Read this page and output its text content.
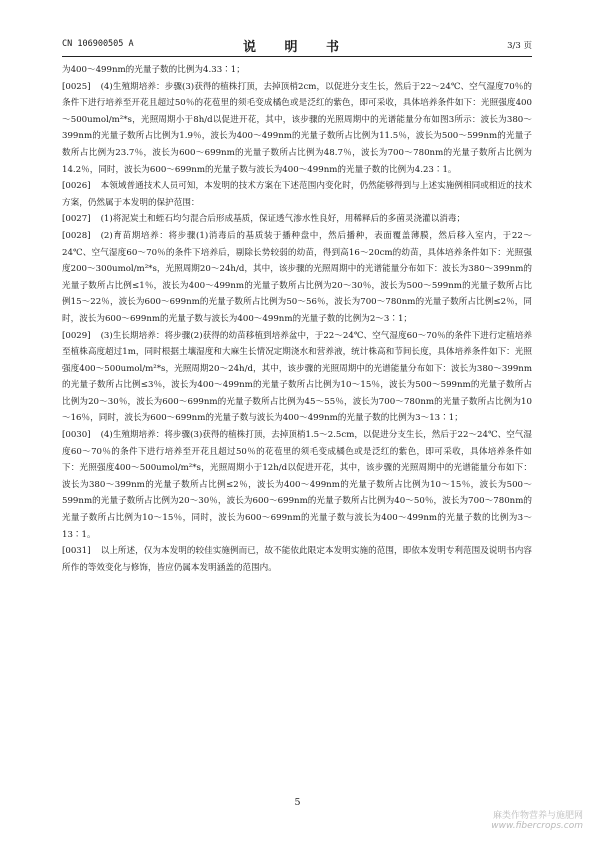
CN 106900505 A	说 明 书	3/3 页

为400～499nm的光量子数的比例为4.33∶1；

[0025] (4)生殖期培养：步骤(3)获得的植株打顶，去掉顶梢2cm，以促进分支生长，然后于22～24℃、空气湿度70％的条件下进行培养至开花且超过50％的花苞里的须毛变成橘色或是泛红的紫色，即可采收，具体培养条件如下：光照强度400～500umol/m²*s，光照周期小于8h/d以促进开花，其中，该步骤的光照周期中的光谱能量分布如图3所示：波长为380～399nm的光量子数所占比例为1.9％，波长为400～499nm的光量子数所占比例为11.5％，波长为500～599nm的光量子数所占比例为23.7％，波长为600～699nm的光量子数所占比例为48.7％，波长为700～780nm的光量子数所占比例为14.2％，同时，波长为600～699nm的光量子数与波长为400～499nm的光量子数的比例为4.23∶1。

[0026] 本领域普通技术人员可知，本发明的技术方案在下述范围内变化时，仍然能够得到与上述实施例相同或相近的技术方案，仍然属于本发明的保护范围：

[0027] (1)将泥炭土和蛭石均匀混合后形成基质，保证透气渗水性良好，用稀释后的多菌灵浇灌以消毒；

[0028] (2)育苗期培养：将步骤(1)消毒后的基质装于播种盘中，然后播种，表面覆盖薄膜，然后移入室内，于22～24℃、空气湿度60～70％的条件下培养后，剔除长势较弱的幼苗，得到高16～20cm的幼苗，具体培养条件如下：光照强度200～300umol/m²*s，光照周期20～24h/d，其中，该步骤的光照周期中的光谱能量分布如下：波长为380～399nm的光量子数所占比例≤1％，波长为400～499nm的光量子数所占比例为20～30％，波长为500～599nm的光量子数所占比例15～22％，波长为600～699nm的光量子数所占比例为50～56％，波长为700～780nm的光量子数所占比例≤2％，同时，波长为600～699nm的光量子数与波长为400～499nm的光量子数的比例为2～3∶1；

[0029] (3)生长期培养：将步骤(2)获得的幼苗移植到培养盆中，于22～24℃、空气湿度60～70％的条件下进行定植培养至植株高度超过1m，同时根据土壤湿度和大麻生长情况定期浇水和营养液，统计株高和节间长度，具体培养条件如下：光照强度400～500umol/m²*s，光照周期20～24h/d，其中，该步骤的光照周期中的光谱能量分布如下：波长为380～399nm的光量子数所占比例≤3％，波长为400～499nm的光量子数所占比例为10～15％，波长为500～599nm的光量子数所占比例为20～30％，波长为600～699nm的光量子数所占比例为45～55％，波长为700～780nm的光量子数所占比例为10～16％，同时，波长为600～699nm的光量子数与波长为400～499nm的光量子数的比例为3～13∶1；

[0030] (4)生殖期培养：将步骤(3)获得的植株打顶，去掉顶梢1.5～2.5cm，以促进分支生长，然后于22～24℃、空气湿度60～70％的条件下进行培养至开花且超过50％的花苞里的须毛变成橘色或是泛红的紫色，即可采收，具体培养条件如下：光照强度400～500umol/m²*s，光照周期小于12h/d以促进开花，其中，该步骤的光照周期中的光谱能量分布如下：波长为380～399nm的光量子数所占比例≤2％，波长为400～499nm的光量子数所占比例为10～15％，波长为500～599nm的光量子数所占比例为20～30％，波长为600～699nm的光量子数所占比例为40～50％，波长为700～780nm的光量子数所占比例为10～15％，同时，波长为600～699nm的光量子数与波长为400～499nm的光量子数的比例为3～13∶1。

[0031] 以上所述，仅为本发明的较佳实施例而已，故不能依此限定本发明实施的范围，即依本发明专利范围及说明书内容所作的等效变化与修饰，皆应仍属本发明涵盖的范围内。

5
麻类作物营养与施肥网
www.fibercrops.com
